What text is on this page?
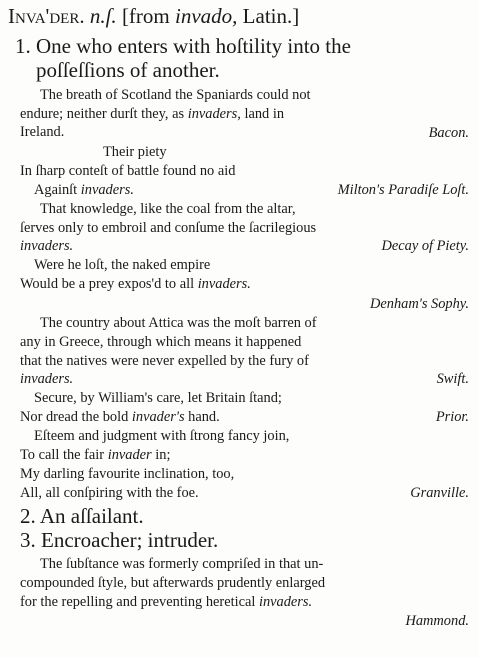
Inva'der. n.ſ. [from invado, Latin.]
1. One who enters with hoſtility into the
poſſeſſions of another.
The breath of Scotland the Spaniards could not
endure; neither durſt they, as invaders, land in
Ireland.	Bacon.
Their piety
In ſharp conteſt of battle found no aid
Againſt invaders.	Milton's Paradiſe Loſt.
That knowledge, like the coal from the altar,
ſerves only to embroil and conſume the ſacrilegious
invaders.	Decay of Piety.
Were he loſt, the naked empire
Would be a prey expos'd to all invaders.
Denham's Sophy.
The country about Attica was the moſt barren of
any in Greece, through which means it happened
that the natives were never expelled by the fury of
invaders.	Swift.
Secure, by William's care, let Britain ſtand;
Nor dread the bold invader's hand.	Prior.
Eſteem and judgment with ſtrong fancy join,
To call the fair invader in;
My darling favourite inclination, too,
All, all conſpiring with the foe.	Granville.
2. An aſſailant.
3. Encroacher; intruder.
The ſubſtance was formerly compriſed in that un-
compounded ſtyle, but afterwards prudently enlarged
for the repelling and preventing heretical invaders.
Hammond.
